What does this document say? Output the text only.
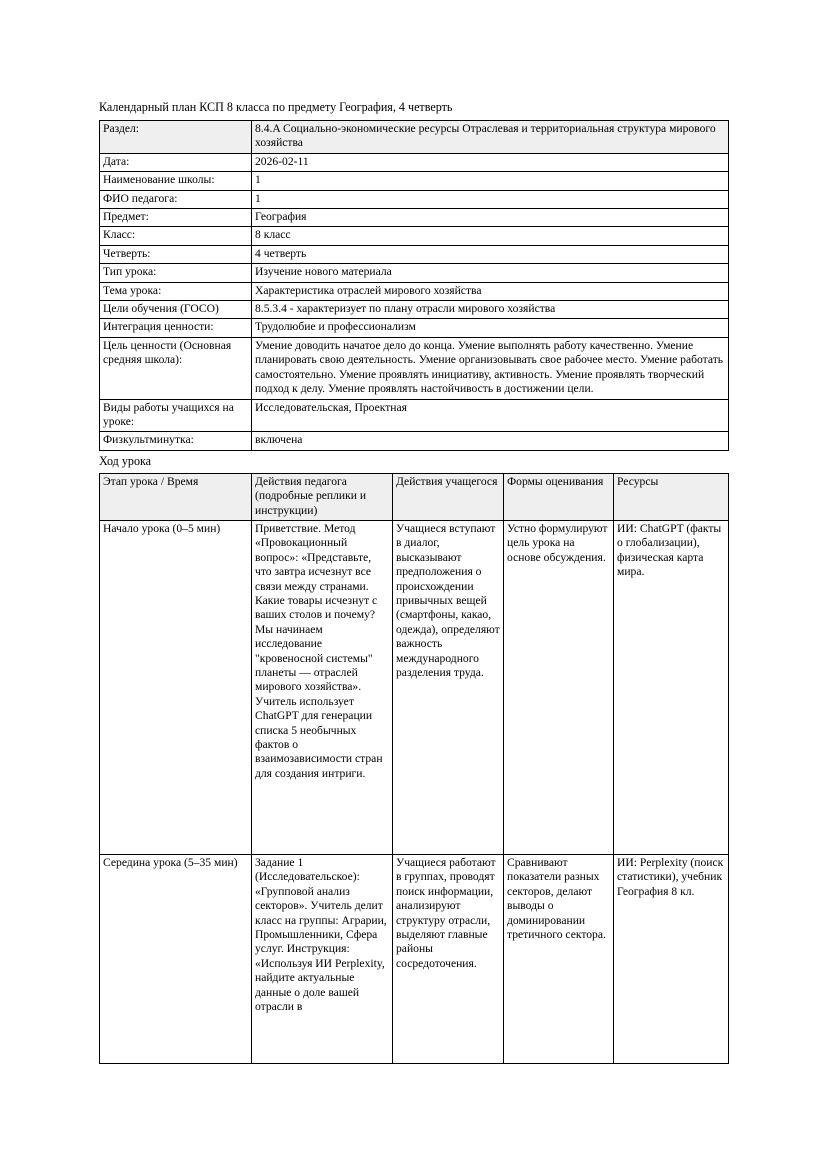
Календарный план КСП 8 класса по предмету География, 4 четверть

Раздел:	8.4.A Социально-экономические ресурсы Отраслевая и территориальная структура мирового хозяйства
Дата:	2026-02-11
Наименование школы:	1
ФИО педагога:	1
Предмет:	География
Класс:	8 класс
Четверть:	4 четверть
Тип урока:	Изучение нового материала
Тема урока:	Характеристика отраслей мирового хозяйства
Цели обучения (ГОСО)	8.5.3.4 - характеризует по плану отрасли мирового хозяйства
Интеграция ценности:	Трудолюбие и профессионализм
Цель ценности (Основная средняя школа):	Умение доводить начатое дело до конца. Умение выполнять работу качественно. Умение планировать свою деятельность. Умение организовывать свое рабочее место. Умение работать самостоятельно. Умение проявлять инициативу, активность. Умение проявлять творческий подход к делу. Умение проявлять настойчивость в достижении цели.
Виды работы учащихся на уроке:	Исследовательская, Проектная
Физкультминутка:	включена

Ход урока

Этап урока / Время	Действия педагога (подробные реплики и инструкции)	Действия учащегося	Формы оценивания	Ресурсы
Начало урока (0–5 мин)	Приветствие. Метод «Провокационный вопрос»: «Представьте, что завтра исчезнут все связи между странами. Какие товары исчезнут с ваших столов и почему? Мы начинаем исследование "кровеносной системы" планеты — отраслей мирового хозяйства». Учитель использует ChatGPT для генерации списка 5 необычных фактов о взаимозависимости стран для создания интриги.	Учащиеся вступают в диалог, высказывают предположения о происхождении привычных вещей (смартфоны, какао, одежда), определяют важность международного разделения труда.	Устно формулируют цель урока на основе обсуждения.	ИИ: ChatGPT (факты о глобализации), физическая карта мира.
Середина урока (5–35 мин)	Задание 1 (Исследовательское): «Групповой анализ секторов». Учитель делит класс на группы: Аграрии, Промышленники, Сфера услуг. Инструкция: «Используя ИИ Perplexity, найдите актуальные данные о доле вашей отрасли в	Учащиеся работают в группах, проводят поиск информации, анализируют структуру отрасли, выделяют главные районы сосредоточения.	Сравнивают показатели разных секторов, делают выводы о доминировании третичного сектора.	ИИ: Perplexity (поиск статистики), учебник География 8 кл.
